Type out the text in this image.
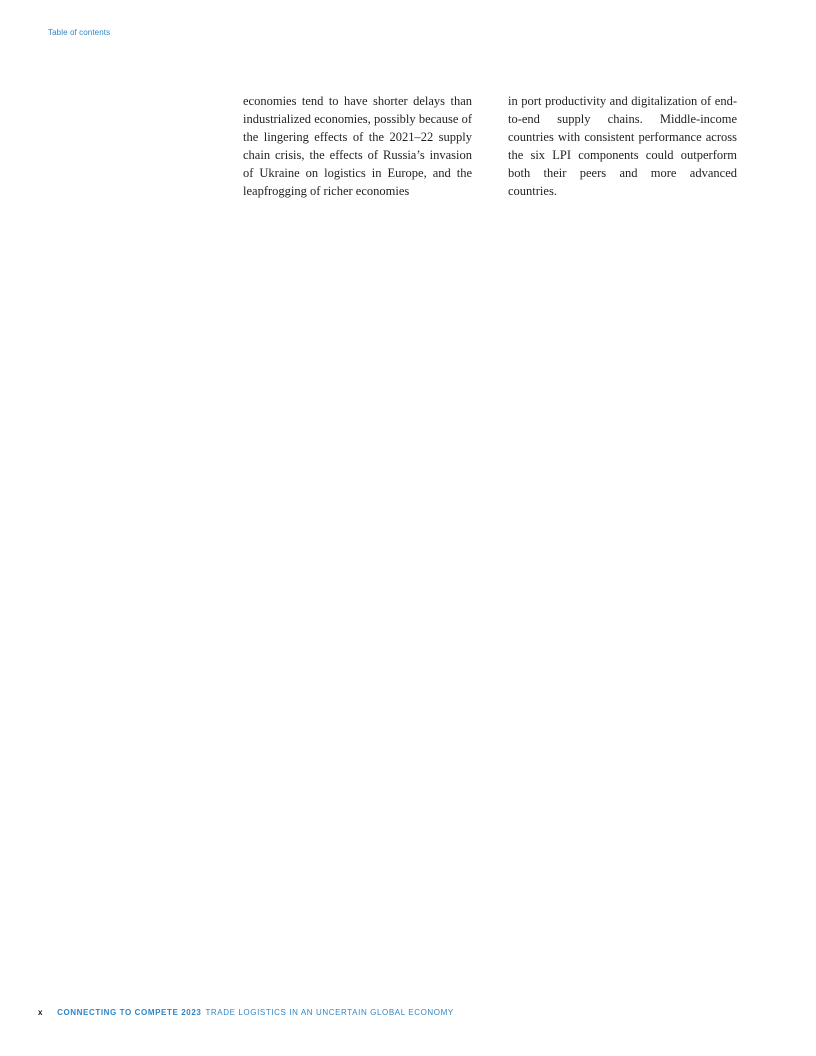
Table of contents

economies tend to have shorter delays than industrialized economies, possibly because of the lingering effects of the 2021–22 supply chain crisis, the effects of Russia’s invasion of Ukraine on logistics in Europe, and the leapfrogging of richer economies

in port productivity and digitalization of end-to-end supply chains. Middle-income countries with consistent performance across the six LPI components could outperform both their peers and more advanced countries.

x CONNECTING TO COMPETE 2023 TRADE LOGISTICS IN AN UNCERTAIN GLOBAL ECONOMY
